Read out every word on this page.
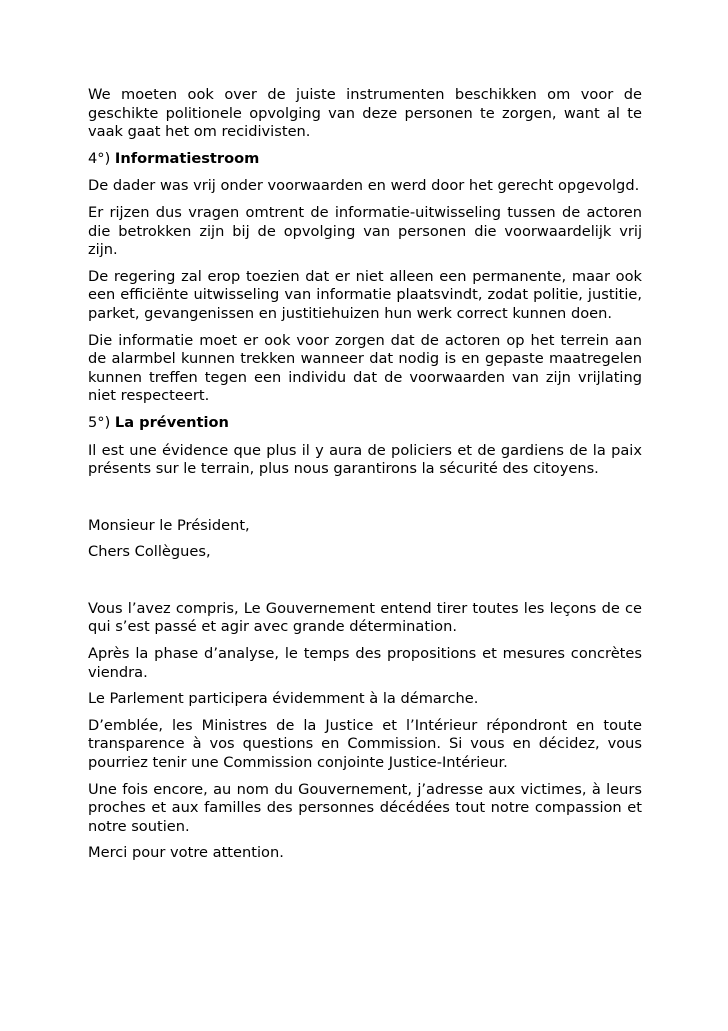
We moeten ook over de juiste instrumenten beschikken om voor de geschikte politionele opvolging van deze personen te zorgen, want al te vaak gaat het om recidivisten.

4°) Informatiestroom

De dader was vrij onder voorwaarden en werd door het gerecht opgevolgd.

Er rijzen dus vragen omtrent de informatie-uitwisseling tussen de actoren die betrokken zijn bij de opvolging van personen die voorwaardelijk vrij zijn.

De regering zal erop toezien dat er niet alleen een permanente, maar ook een efficiënte uitwisseling van informatie plaatsvindt, zodat politie, justitie, parket, gevangenissen en justitiehuizen hun werk correct kunnen doen.

Die informatie moet er ook voor zorgen dat de actoren op het terrein aan de alarmbel kunnen trekken wanneer dat nodig is en gepaste maatregelen kunnen treffen tegen een individu dat de voorwaarden van zijn vrijlating niet respecteert.

5°) La prévention

Il est une évidence que plus il y aura de policiers et de gardiens de la paix présents sur le terrain, plus nous garantirons la sécurité des citoyens.

Monsieur le Président,

Chers Collègues,

Vous l’avez compris, Le Gouvernement entend tirer toutes les leçons de ce qui s’est passé et agir avec grande détermination.

Après la phase d’analyse, le temps des propositions et mesures concrètes viendra.

Le Parlement participera évidemment à la démarche.

D’emblée, les Ministres de la Justice et l’Intérieur répondront en toute transparence à vos questions en Commission. Si vous en décidez, vous pourriez tenir une Commission conjointe Justice-Intérieur.

Une fois encore, au nom du Gouvernement, j’adresse aux victimes, à leurs proches et aux familles des personnes décédées tout notre compassion et notre soutien.

Merci pour votre attention.
